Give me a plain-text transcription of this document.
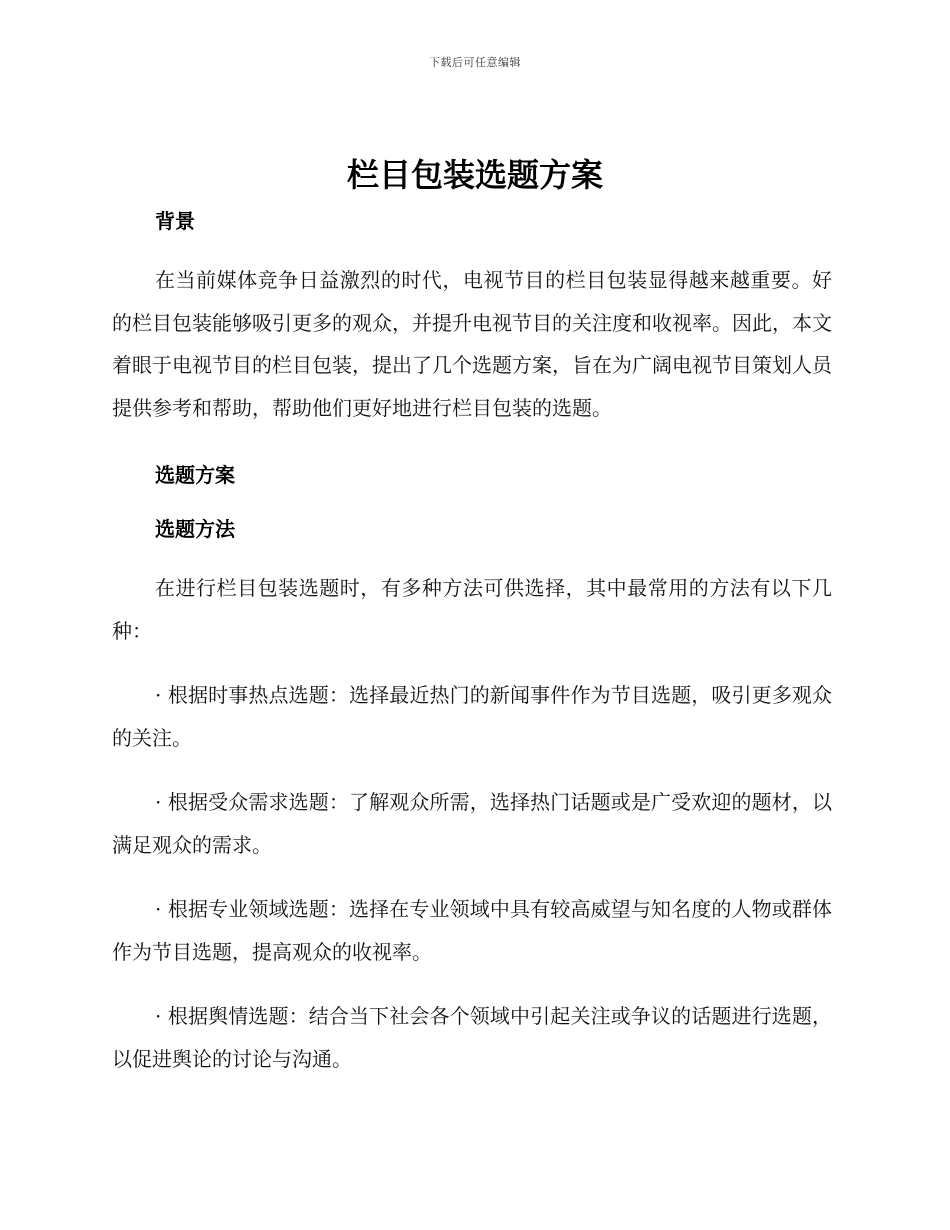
下载后可任意编辑
栏目包装选题方案
背景

在当前媒体竞争日益激烈的时代，电视节目的栏目包装显得越来越重要。好的栏目包装能够吸引更多的观众，并提升电视节目的关注度和收视率。因此，本文着眼于电视节目的栏目包装，提出了几个选题方案，旨在为广阔电视节目策划人员提供参考和帮助，帮助他们更好地进行栏目包装的选题。

选题方案
选题方法

在进行栏目包装选题时，有多种方法可供选择，其中最常用的方法有以下几种：

· 根据时事热点选题：选择最近热门的新闻事件作为节目选题，吸引更多观众的关注。

· 根据受众需求选题：了解观众所需，选择热门话题或是广受欢迎的题材，以满足观众的需求。

· 根据专业领域选题：选择在专业领域中具有较高威望与知名度的人物或群体作为节目选题，提高观众的收视率。

· 根据舆情选题：结合当下社会各个领域中引起关注或争议的话题进行选题，以促进舆论的讨论与沟通。
